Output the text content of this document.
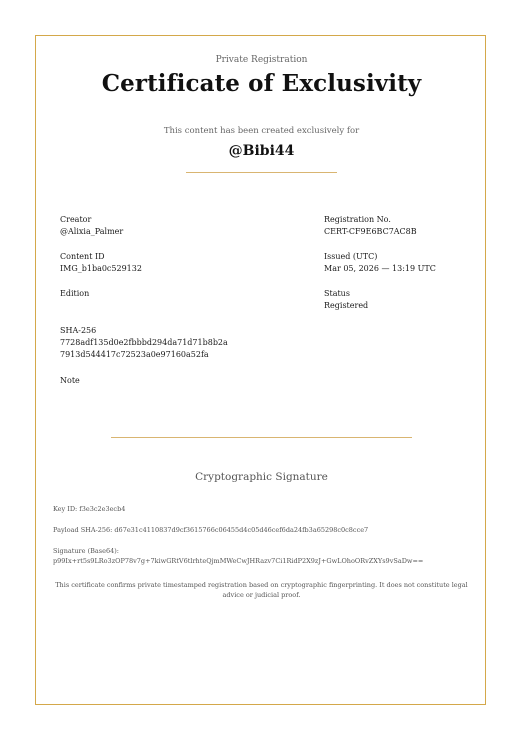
Private Registration
Certificate of Exclusivity
This content has been created exclusively for
@Bibi44
Creator
@Alixia_Palmer
Content ID
IMG_b1ba0c529132
Edition
SHA-256
7728adf135d0e2fbbbd294da71d71b8b2a
7913d544417c72523a0e97160a52fa
Note
Registration No.
CERT-CF9E6BC7AC8B
Issued (UTC)
Mar 05, 2026 — 13:19 UTC
Status
Registered
Cryptographic Signature
Key ID: f3e3c2e3ecb4
Payload SHA-256: d67e31c4110837d9cf3615766c06455d4c05d46cef6da24fb3a65298c0c8cce7
Signature (Base64):
p99Ix+rt5s9LRo3zOP78v7g+7kiwGRtV6tlrhteQjmMWeCwJHRazv7Ci1RidP2X9zJ+GwLOhoORvZXYs9vSaDw==
This certificate confirms private timestamped registration based on cryptographic fingerprinting. It does not constitute legal advice or judicial proof.
